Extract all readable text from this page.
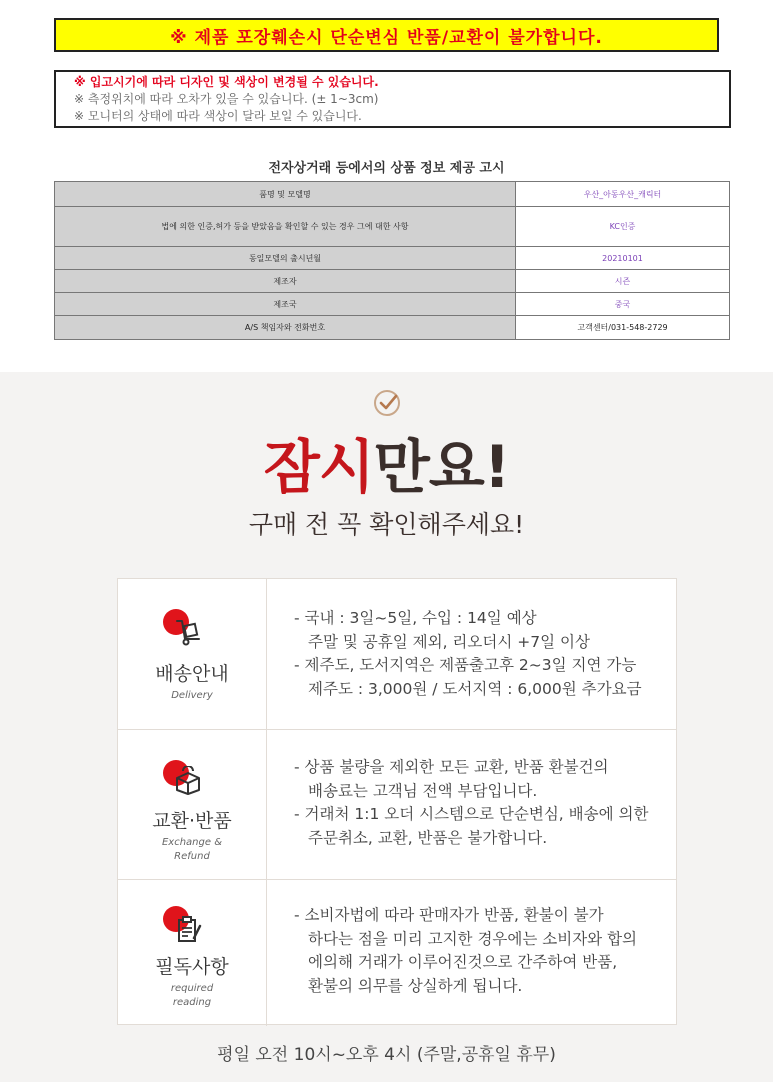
※ 제품 포장훼손시 단순변심 반품/교환이 불가합니다.
※ 입고시기에 따라 디자인 및 색상이 변경될 수 있습니다.
※ 측정위치에 따라 오차가 있을 수 있습니다. (± 1~3cm)
※ 모니터의 상태에 따라 색상이 달라 보일 수 있습니다.
전자상거래 등에서의 상품 정보 제공 고시
품명 및 모델명	우산_아동우산_캐릭터
법에 의한 인증,허가 등을 받았음을 확인할 수 있는 경우 그에 대한 사항	KC인증
동일모델의 출시년월	20210101
제조자	시즌
제조국	중국
A/S 책임자와 전화번호	고객센터/031-548-2729
잠시만요!
구매 전 꼭 확인해주세요!
배송안내
Delivery

- 국내 : 3일~5일, 수입 : 14일 예상

주말 및 공휴일 제외, 리오더시 +7일 이상

- 제주도, 도서지역은 제품출고후 2~3일 지연 가능

제주도 : 3,000원 / 도서지역 : 6,000원 추가요금

교환·반품
Exchange & Refund

- 상품 불량을 제외한 모든 교환, 반품 환불건의

배송료는 고객님 전액 부담입니다.

- 거래처 1:1 오더 시스템으로 단순변심, 배송에 의한

주문취소, 교환, 반품은 불가합니다.

필독사항
required reading

- 소비자법에 따라 판매자가 반품, 환불이 불가

하다는 점을 미리 고지한 경우에는 소비자와 합의

에의해 거래가 이루어진것으로 간주하여 반품,

환불의 의무를 상실하게 됩니다.

평일 오전 10시~오후 4시 (주말,공휴일 휴무)
